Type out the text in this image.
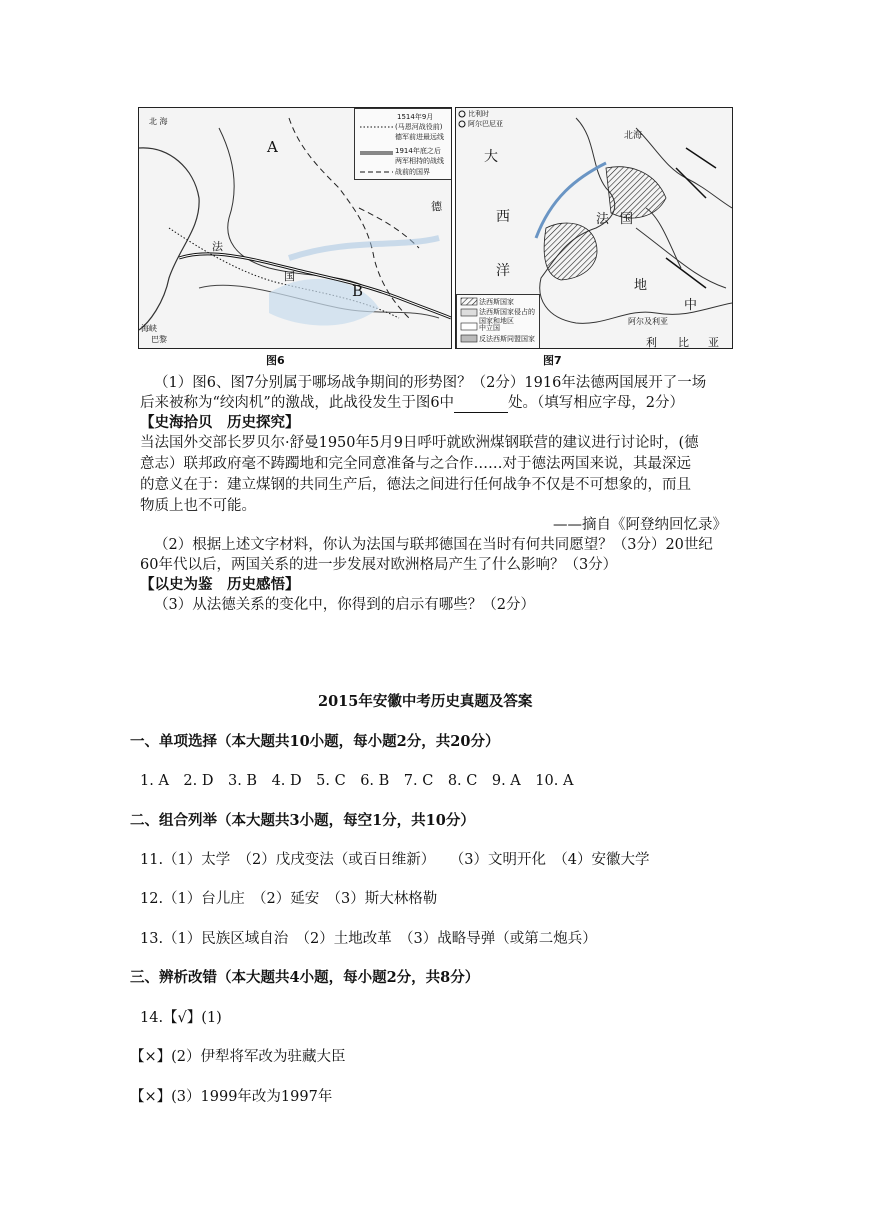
北 海
A
B
法
国
德
海峡
巴黎
1514年9月
(马恩河战役前)
德军前进最远线
1914年底之后
两军相持的战线
战前的国界
图6
比利时
阿尔巴尼亚
大
西
洋
北海
法 国
地
中
阿尔及利亚
利 比 亚
法西斯国家
法西斯国家侵占的国家和地区
中立国
反法西斯同盟国家
图7
（1）图6、图7分别属于哪场战争期间的形势图？（2分）1916年法德两国展开了一场
后来被称为“绞肉机”的激战，此战役发生于图6中	处。（填写相应字母，2分）
【史海拾贝　历史探究】
当法国外交部长罗贝尔·舒曼1950年5月9日呼吁就欧洲煤钢联营的建议进行讨论时，(德
意志）联邦政府毫不踌躅地和完全同意准备与之合作……对于德法两国来说，其最深远
的意义在于：建立煤钢的共同生产后，德法之间进行任何战争不仅是不可想象的，而且
物质上也不可能。
——摘自《阿登纳回忆录》
（2）根据上述文字材料，你认为法国与联邦德国在当时有何共同愿望？（3分）20世纪
60年代以后，两国关系的进一步发展对欧洲格局产生了什么影响？（3分）
【以史为鉴　历史感悟】
（3）从法德关系的变化中，你得到的启示有哪些？（2分）
2015年安徽中考历史真题及答案
一、单项选择（本大题共10小题，每小题2分，共20分）
1. A　2. D　3. B　4. D　5. C　6. B　7. C　8. C　9. A　10. A
二、组合列举（本大题共3小题，每空1分，共10分）
11.（1）太学　（2）戊戌变法（或百日维新）　　（3）文明开化　（4）安徽大学
12.（1）台儿庄　（2）延安　（3）斯大林格勒
13.（1）民族区域自治　（2）土地改革　（3）战略导弹（或第二炮兵）
三、辨析改错（本大题共4小题，每小题2分，共8分）
14.【√】(1)
【×】(2）伊犁将军改为驻藏大臣
【×】(3）1999年改为1997年
